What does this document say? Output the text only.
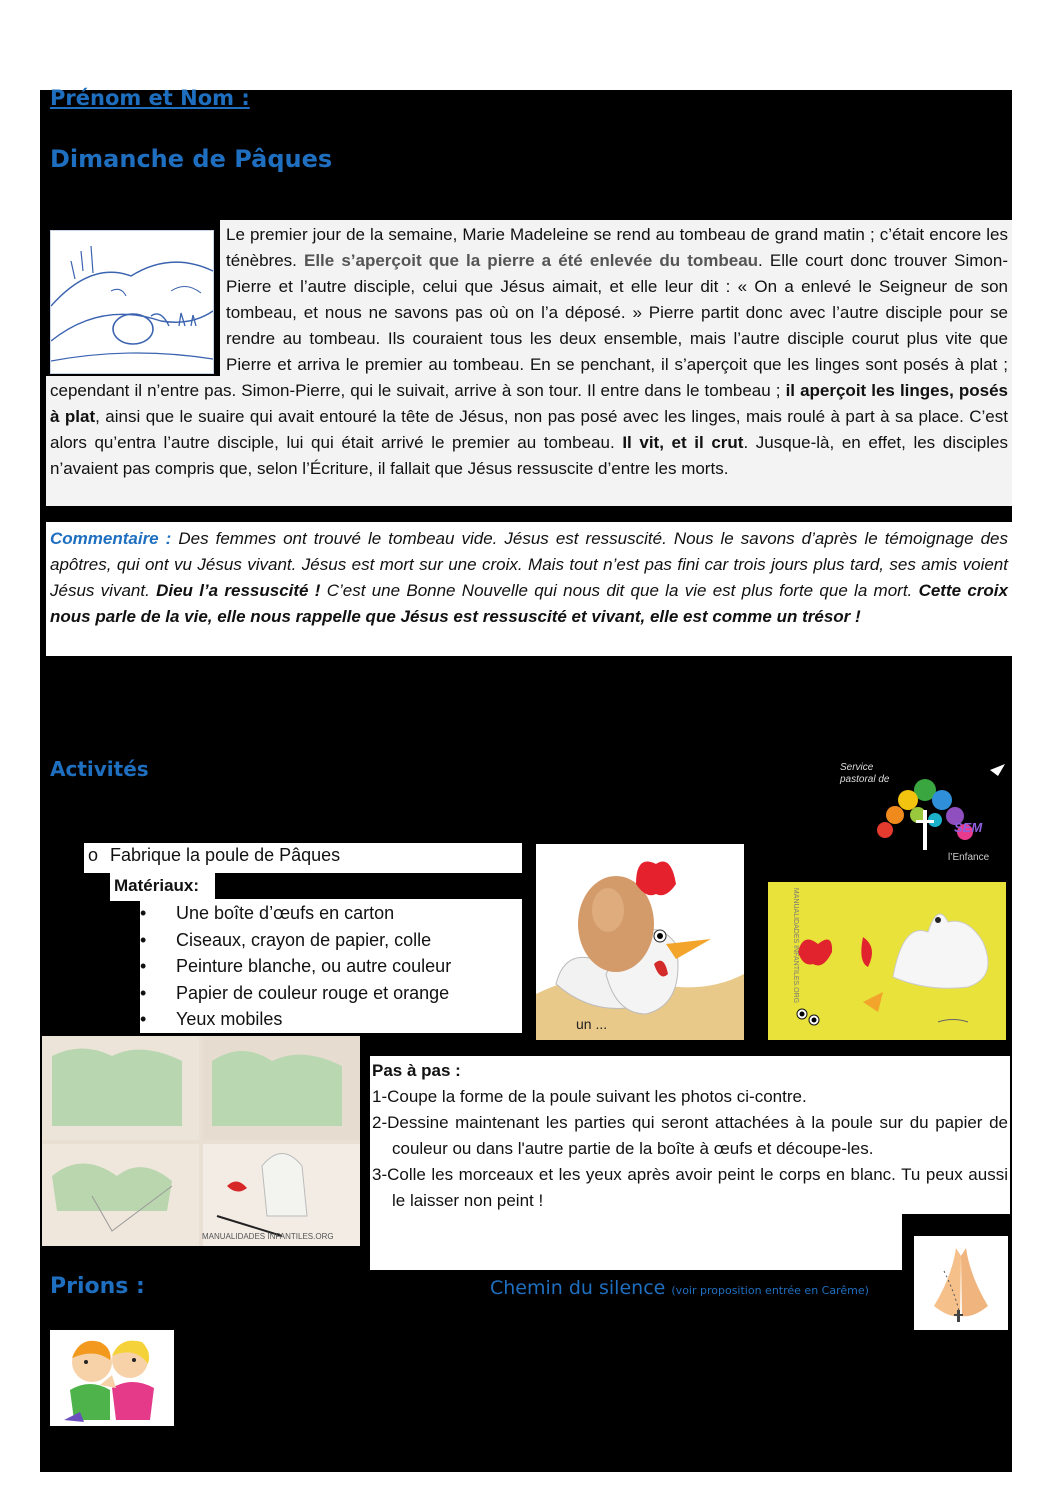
Prénom et Nom :
Dimanche de Pâques
Le premier jour de la semaine, Marie Madeleine se rend au tombeau de grand matin ; c’était encore les ténèbres. Elle s’aperçoit que la pierre a été enlevée du tombeau. Elle court donc trouver Simon-Pierre et l’autre disciple, celui que Jésus aimait, et elle leur dit : « On a enlevé le Seigneur de son tombeau, et nous ne savons pas où on l’a déposé. » Pierre partit donc avec l’autre disciple pour se rendre au tombeau. Ils couraient tous les deux ensemble, mais l’autre disciple courut plus vite que Pierre et arriva le premier au tombeau. En se penchant, il s’aperçoit que les linges sont posés à plat ; cependant il n’entre pas. Simon-Pierre, qui le suivait, arrive à son tour. Il entre dans le tombeau ; il aperçoit les linges, posés à plat, ainsi que le suaire qui avait entouré la tête de Jésus, non pas posé avec les linges, mais roulé à part à sa place. C’est alors qu’entra l’autre disciple, lui qui était arrivé le premier au tombeau. Il vit, et il crut. Jusque-là, en effet, les disciples n’avaient pas compris que, selon l’Écriture, il fallait que Jésus ressuscite d’entre les morts.
Commentaire : Des femmes ont trouvé le tombeau vide. Jésus est ressuscité. Nous le savons d’après le témoignage des apôtres, qui ont vu Jésus vivant. Jésus est mort sur une croix. Mais tout n’est pas fini car trois jours plus tard, ses amis voient Jésus vivant. Dieu l’a ressuscité ! C’est une Bonne Nouvelle qui nous dit que la vie est plus forte que la mort. Cette croix nous parle de la vie, elle nous rappelle que Jésus est ressuscité et vivant, elle est comme un trésor !
Activités	Service
pastoral de
SEM
l’Enfance
o Fabrique la poule de Pâques
Matériaux:
• Une boîte d’œufs en carton
• Ciseaux, crayon de papier, colle
• Peinture blanche, ou autre couleur
• Papier de couleur rouge et orange
• Yeux mobiles	un ...
MANUALIDADES INFANTILES.ORG
MANUALIDADES INFANTILES.ORG

Pas à pas :

1-Coupe la forme de la poule suivant les photos ci-contre.

2-Dessine maintenant les parties qui seront attachées à la poule sur du papier de couleur ou dans l'autre partie de la boîte à œufs et découpe-les.

3-Colle les morceaux et les yeux après avoir peint le corps en blanc. Tu peux aussi le laisser non peint !

Prions :	Chemin du silence (voir proposition entrée en Carême)
